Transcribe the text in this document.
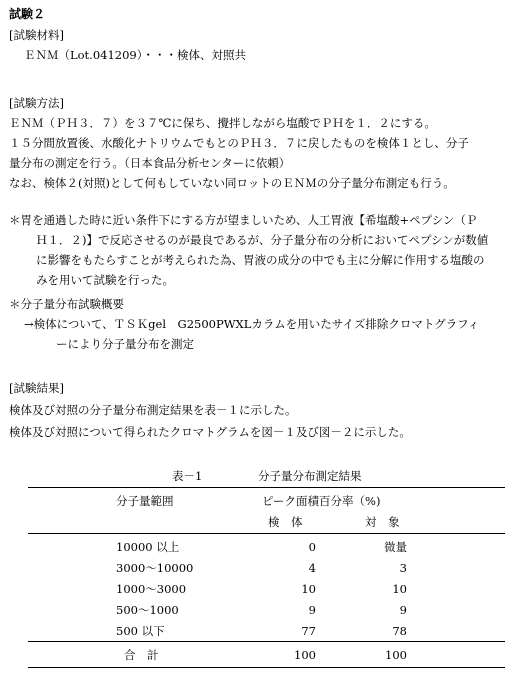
試験２
[試験材料]
ＥＮＭ（Lot.041209）・・・検体、対照共
[試験方法]
ＥＮＭ（ＰＨ３．７）を３７℃に保ち、攪拌しながら塩酸でＰＨを１．２にする。
１５分間放置後、水酸化ナトリウムでもとのＰＨ３．７に戻したものを検体１とし、分子
量分布の測定を行う。（日本食品分析センターに依頼）
なお、検体２(対照)として何もしていない同ロットのＥＮＭの分子量分布測定も行う。
＊胃を通過した時に近い条件下にする方が望ましいため、人工胃液【希塩酸+ペプシン（Ｐ
Ｈ１．２)】で反応させるのが最良であるが、分子量分布の分析においてペプシンが数値
に影響をもたらすことが考えられた為、胃液の成分の中でも主に分解に作用する塩酸の
みを用いて試験を行った。
＊分子量分布試験概要
→検体について、ＴＳＫgel　G2500PWXLカラムを用いたサイズ排除クロマトグラフィ
ーにより分子量分布を測定
[試験結果]
検体及び対照の分子量分布測定結果を表－１に示した。
検体及び対照について得られたクロマトグラムを図－１及び図－２に示した。
表－1	分子量分布測定結果
分子量範囲	ピーク面積百分率（%)
検　体	対　象
10000 以上	0	微量
3000～10000	4	3
1000～3000	10	10
500～1000	9	9
500 以下	77	78
合　計	100	100
